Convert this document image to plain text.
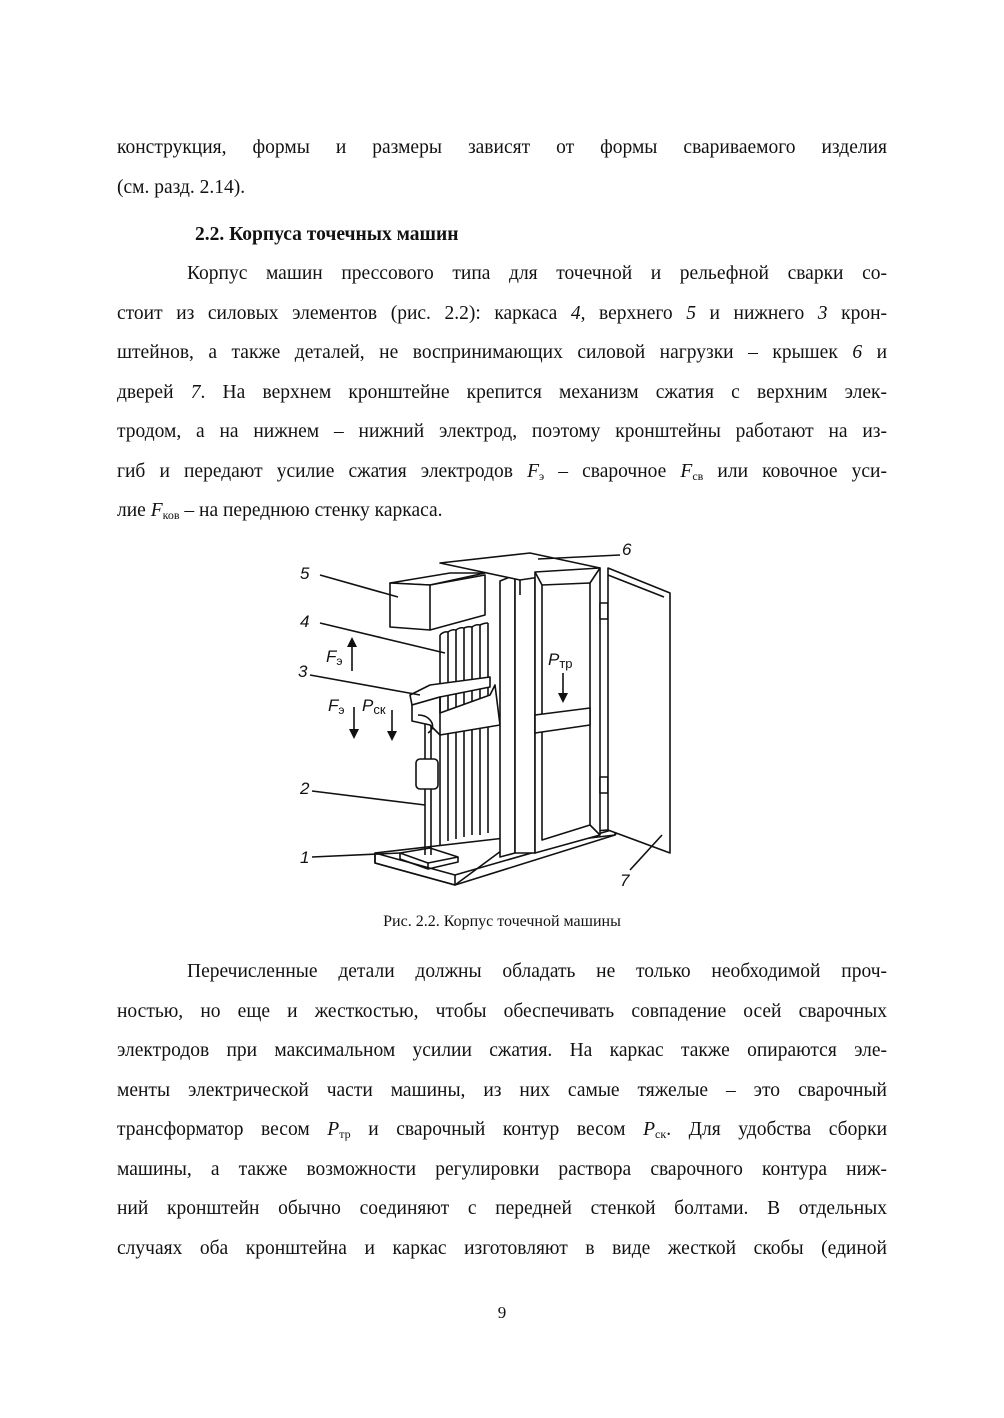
конструкция, формы и размеры зависят от формы свариваемого изделия
(см. разд. 2.14).
2.2. Корпуса точечных машин
Корпус машин прессового типа для точечной и рельефной сварки со-
стоит из силовых элементов (рис. 2.2): каркаса 4, верхнего 5 и нижнего 3 крон-
штейнов, а также деталей, не воспринимающих силовой нагрузки – крышек 6 и
дверей 7. На верхнем кронштейне крепится механизм сжатия с верхним элек-
тродом, а на нижнем – нижний электрод, поэтому кронштейны работают на из-
гиб и передают усилие сжатия электродов $F_э$ – сварочное $F_{св}$ или ковочное уси-
лие $F_{ков}$ – на переднюю стенку каркаса.
5
4
3
2
1
6
7
Fэ
Fэ Pск
Pтр
Рис. 2.2. Корпус точечной машины
Перечисленные детали должны обладать не только необходимой проч-
ностью, но еще и жесткостью, чтобы обеспечивать совпадение осей сварочных
электродов при максимальном усилии сжатия. На каркас также опираются эле-
менты электрической части машины, из них самые тяжелые – это сварочный
трансформатор весом $P_{тр}$ и сварочный контур весом $P_{ск}$. Для удобства сборки
машины, а также возможности регулировки раствора сварочного контура ниж-
ний кронштейн обычно соединяют с передней стенкой болтами. В отдельных
случаях оба кронштейна и каркас изготовляют в виде жесткой скобы (единой
9
